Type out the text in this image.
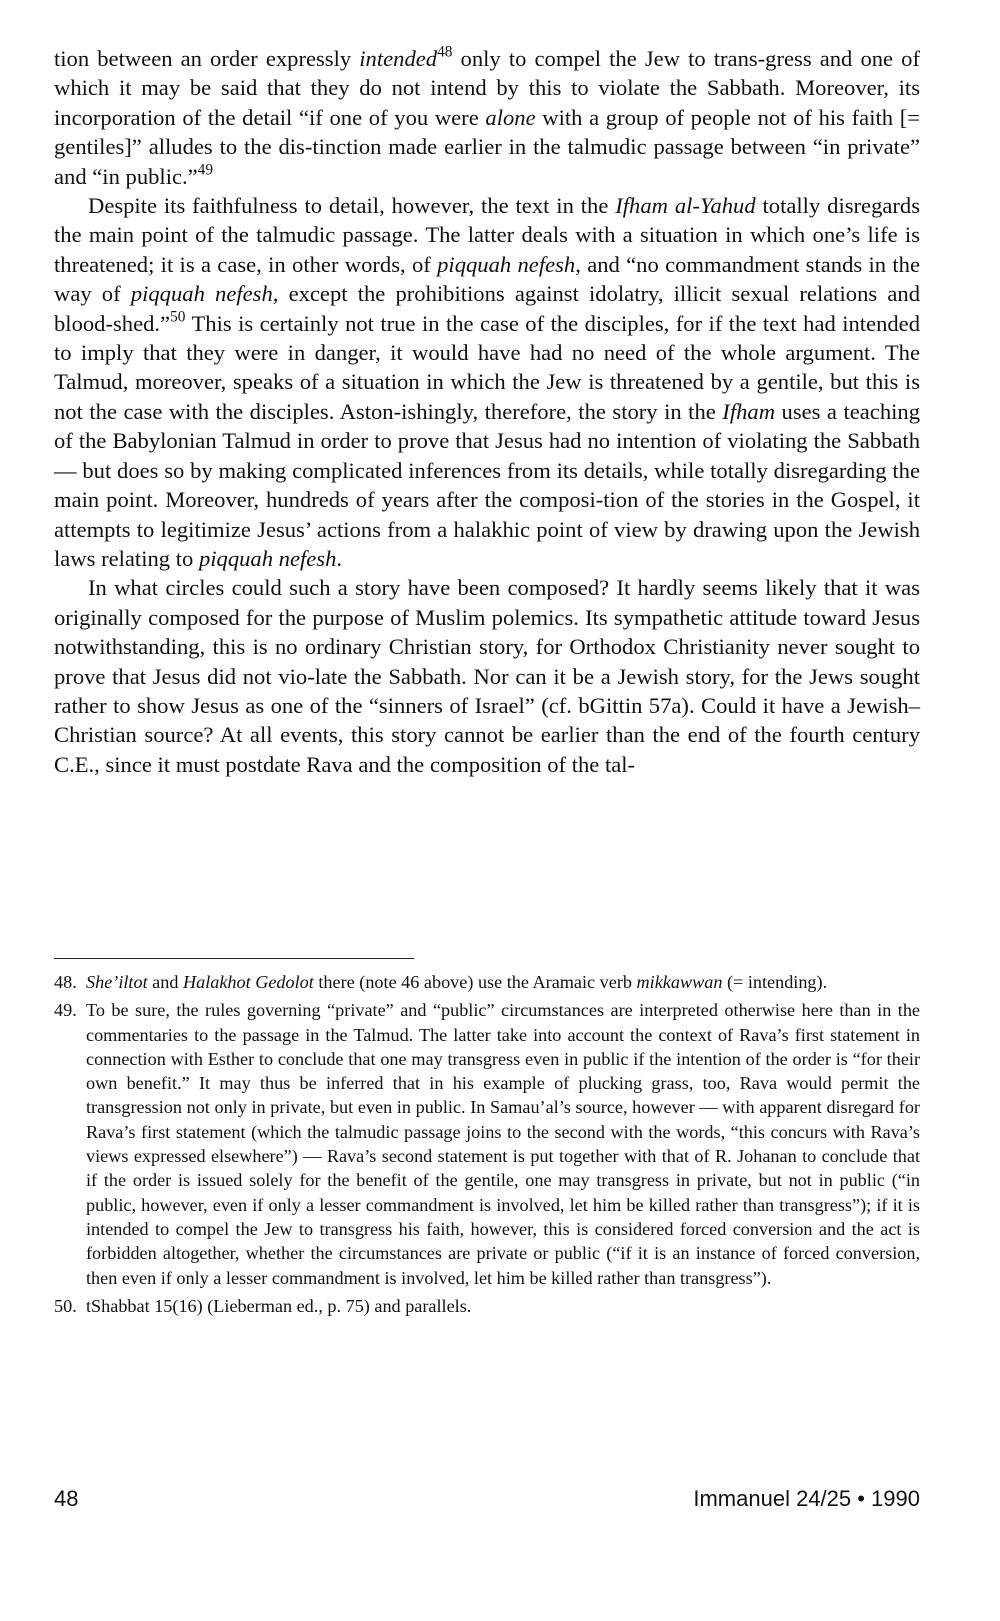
tion between an order expressly intended$^{48}$ only to compel the Jew to trans-gress and one of which it may be said that they do not intend by this to violate the Sabbath. Moreover, its incorporation of the detail “if one of you were alone with a group of people not of his faith [= gentiles]” alludes to the dis-tinction made earlier in the talmudic passage between “in private” and “in public.”$^{49}$

Despite its faithfulness to detail, however, the text in the Ifham al-Yahud totally disregards the main point of the talmudic passage. The latter deals with a situation in which one’s life is threatened; it is a case, in other words, of piqquah nefesh, and “no commandment stands in the way of piqquah nefesh, except the prohibitions against idolatry, illicit sexual relations and blood-shed.”$^{50}$ This is certainly not true in the case of the disciples, for if the text had intended to imply that they were in danger, it would have had no need of the whole argument. The Talmud, moreover, speaks of a situation in which the Jew is threatened by a gentile, but this is not the case with the disciples. Aston-ishingly, therefore, the story in the Ifham uses a teaching of the Babylonian Talmud in order to prove that Jesus had no intention of violating the Sabbath — but does so by making complicated inferences from its details, while totally disregarding the main point. Moreover, hundreds of years after the composi-tion of the stories in the Gospel, it attempts to legitimize Jesus’ actions from a halakhic point of view by drawing upon the Jewish laws relating to piqquah nefesh.

In what circles could such a story have been composed? It hardly seems likely that it was originally composed for the purpose of Muslim polemics. Its sympathetic attitude toward Jesus notwithstanding, this is no ordinary Christian story, for Orthodox Christianity never sought to prove that Jesus did not vio-late the Sabbath. Nor can it be a Jewish story, for the Jews sought rather to show Jesus as one of the “sinners of Israel” (cf. bGittin 57a). Could it have a Jewish–Christian source? At all events, this story cannot be earlier than the end of the fourth century C.E., since it must postdate Rava and the composition of the tal-

48. She’iltot and Halakhot Gedolot there (note 46 above) use the Aramaic verb mikkawwan (= intending).
49. To be sure, the rules governing “private” and “public” circumstances are interpreted otherwise here than in the commentaries to the passage in the Talmud. The latter take into account the context of Rava’s first statement in connection with Esther to conclude that one may transgress even in public if the intention of the order is “for their own benefit.” It may thus be inferred that in his example of plucking grass, too, Rava would permit the transgression not only in private, but even in public. In Samau’al’s source, however — with apparent disregard for Rava’s first statement (which the talmudic passage joins to the second with the words, “this concurs with Rava’s views expressed elsewhere”) — Rava’s second statement is put together with that of R. Johanan to conclude that if the order is issued solely for the benefit of the gentile, one may transgress in private, but not in public (“in public, however, even if only a lesser commandment is involved, let him be killed rather than transgress”); if it is intended to compel the Jew to transgress his faith, however, this is considered forced conversion and the act is forbidden altogether, whether the circumstances are private or public (“if it is an instance of forced conversion, then even if only a lesser commandment is involved, let him be killed rather than transgress”).
50. tShabbat 15(16) (Lieberman ed., p. 75) and parallels.
48	Immanuel 24/25 • 1990
